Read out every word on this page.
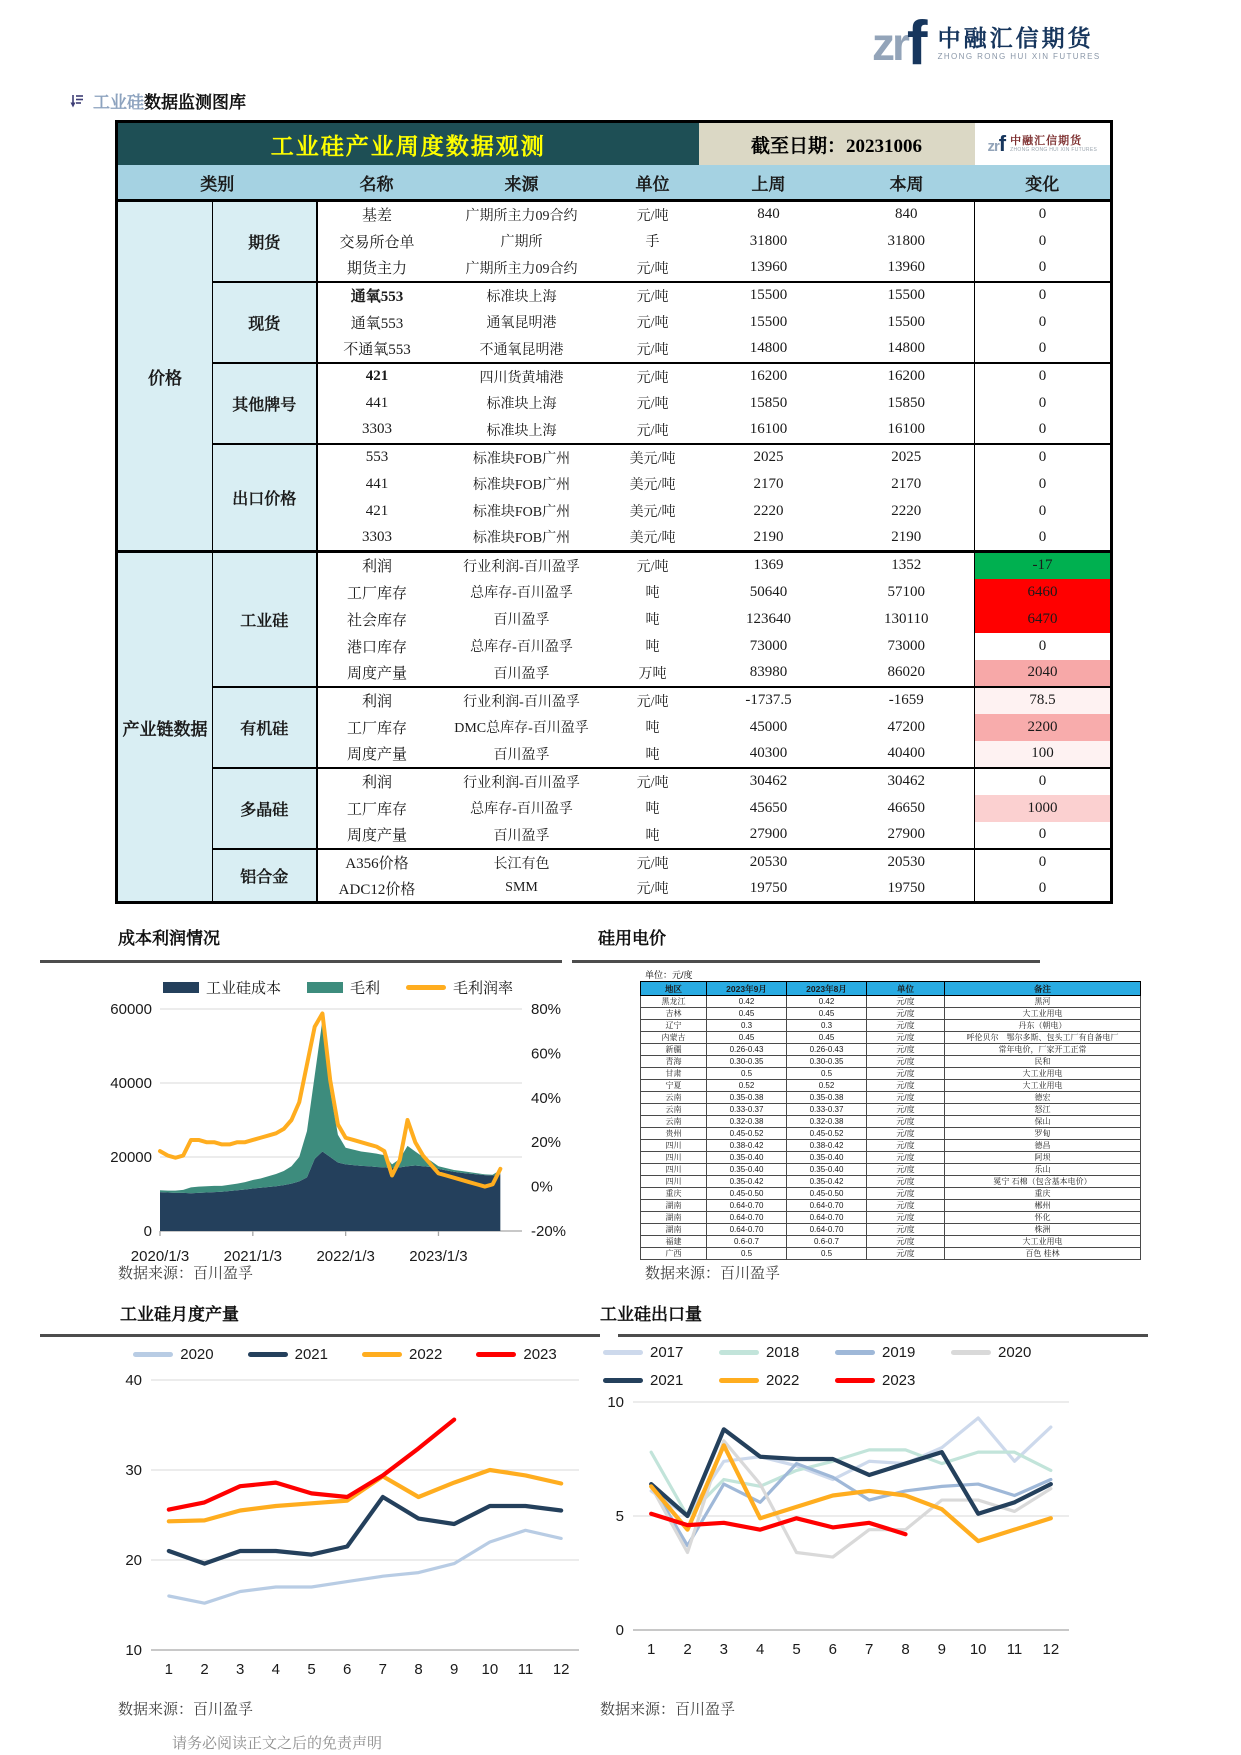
zr f 中融汇信期货
ZHONG RONG HUI XIN FUTURES
工业硅数据监测图库
工业硅产业周度数据观测					截至日期：20231006		zrf 中融汇信期货
ZHONG RONG HUI XIN FUTURES

类别		名称	来源	单位	上周	本周	变化
价格	期货	基差	广期所主力09合约	元/吨	840	840	0
		交易所仓单	广期所	手	31800	31800	0
		期货主力	广期所主力09合约	元/吨	13960	13960	0
	现货	通氧553	标准块上海	元/吨	15500	15500	0
		通氧553	通氧昆明港	元/吨	15500	15500	0
		不通氧553	不通氧昆明港	元/吨	14800	14800	0
	其他牌号	421	四川货黄埔港	元/吨	16200	16200	0
		441	标准块上海	元/吨	15850	15850	0
		3303	标准块上海	元/吨	16100	16100	0
	出口价格	553	标准块FOB广州	美元/吨	2025	2025	0
		441	标准块FOB广州	美元/吨	2170	2170	0
		421	标准块FOB广州	美元/吨	2220	2220	0
		3303	标准块FOB广州	美元/吨	2190	2190	0
产业链数据	工业硅	利润	行业利润-百川盈孚	元/吨	1369	1352	-17
		工厂库存	总库存-百川盈孚	吨	50640	57100	6460
		社会库存	百川盈孚	吨	123640	130110	6470
		港口库存	总库存-百川盈孚	吨	73000	73000	0
		周度产量	百川盈孚	万吨	83980	86020	2040
	有机硅	利润	行业利润-百川盈孚	元/吨	-1737.5	-1659	78.5
		工厂库存	DMC总库存-百川盈孚	吨	45000	47200	2200
		周度产量	百川盈孚	吨	40300	40400	100
	多晶硅	利润	行业利润-百川盈孚	元/吨	30462	30462	0
		工厂库存	总库存-百川盈孚	吨	45650	46650	1000
		周度产量	百川盈孚	吨	27900	27900	0
	铝合金	A356价格	长江有色	元/吨	20530	20530	0
		ADC12价格	SMM	元/吨	19750	19750	0
成本利润情况	硅用电价
工业硅成本	毛利	毛利润率
0
20000
40000
60000
-20%
0%
20%
40%
60%
80%
2020/1/3 2021/1/3 2022/1/3 2023/1/3
数据来源：百川盈孚
单位：元/度
地区	2023年9月	2023年8月	单位	备注
黑龙江	0.42	0.42	元/度	黑河
吉林	0.45	0.45	元/度	大工业用电
辽宁	0.3	0.3	元/度	丹东（朝电）
内蒙古	0.45	0.45	元/度	呼伦贝尔　鄂尔多斯、包头工厂有自备电厂
新疆	0.26-0.43	0.26-0.43	元/度	常年电价，厂家开工正常
青海	0.30-0.35	0.30-0.35	元/度	民和
甘肃	0.5	0.5	元/度	大工业用电
宁夏	0.52	0.52	元/度	大工业用电
云南	0.35-0.38	0.35-0.38	元/度	德宏
云南	0.33-0.37	0.33-0.37	元/度	怒江
云南	0.32-0.38	0.32-0.38	元/度	保山
贵州	0.45-0.52	0.45-0.52	元/度	罗甸
四川	0.38-0.42	0.38-0.42	元/度	德昌
四川	0.35-0.40	0.35-0.40	元/度	阿坝
四川	0.35-0.40	0.35-0.40	元/度	乐山
四川	0.35-0.42	0.35-0.42	元/度	冕宁 石棉（包含基本电价）
重庆	0.45-0.50	0.45-0.50	元/度	重庆
湖南	0.64-0.70	0.64-0.70	元/度	郴州
湖南	0.64-0.70	0.64-0.70	元/度	怀化
湖南	0.64-0.70	0.64-0.70	元/度	株洲
福建	0.6-0.7	0.6-0.7	元/度	大工业用电
广西	0.5	0.5	元/度	百色 桂林
数据来源：百川盈孚
工业硅月度产量	工业硅出口量
2020	2021	2022	2023
10
20
30
40
1 2 3 4 5 6 7 8 9 10 11 12
数据来源：百川盈孚
2017	2018	2019	2020
2021	2022	2023
0
5
10
1 2 3 4 5 6 7 8 9 10 11 12
数据来源：百川盈孚
请务必阅读正文之后的免责声明
